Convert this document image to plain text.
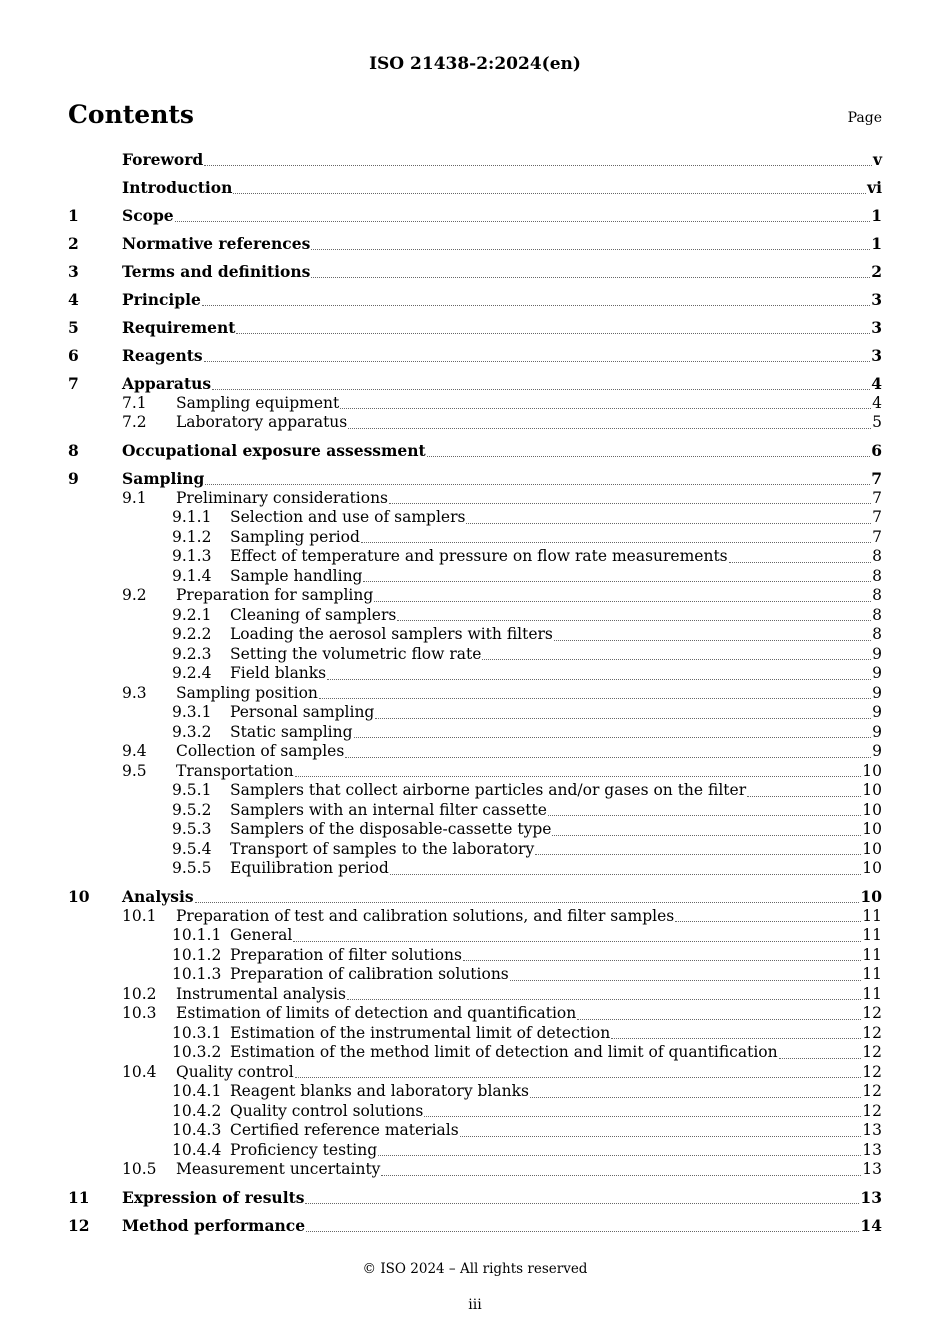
ISO 21438-2:2024(en)
Contents	Page
Foreword	v
Introduction	vi
1	Scope	1
2	Normative references	1
3	Terms and definitions	2
4	Principle	3
5	Requirement	3
6	Reagents	3
7	Apparatus	4
7.1	Sampling equipment	4
7.2	Laboratory apparatus	5
8	Occupational exposure assessment	6
9	Sampling	7
9.1	Preliminary considerations	7
9.1.1	Selection and use of samplers	7
9.1.2	Sampling period	7
9.1.3	Effect of temperature and pressure on flow rate measurements	8
9.1.4	Sample handling	8
9.2	Preparation for sampling	8
9.2.1	Cleaning of samplers	8
9.2.2	Loading the aerosol samplers with filters	8
9.2.3	Setting the volumetric flow rate	9
9.2.4	Field blanks	9
9.3	Sampling position	9
9.3.1	Personal sampling	9
9.3.2	Static sampling	9
9.4	Collection of samples	9
9.5	Transportation	10
9.5.1	Samplers that collect airborne particles and/or gases on the filter	10
9.5.2	Samplers with an internal filter cassette	10
9.5.3	Samplers of the disposable-cassette type	10
9.5.4	Transport of samples to the laboratory	10
9.5.5	Equilibration period	10
10	Analysis	10
10.1	Preparation of test and calibration solutions, and filter samples	11
10.1.1 General	11
10.1.2 Preparation of filter solutions	11
10.1.3 Preparation of calibration solutions	11
10.2	Instrumental analysis	11
10.3	Estimation of limits of detection and quantification	12
10.3.1 Estimation of the instrumental limit of detection	12
10.3.2 Estimation of the method limit of detection and limit of quantification	12
10.4	Quality control	12
10.4.1 Reagent blanks and laboratory blanks	12
10.4.2 Quality control solutions	12
10.4.3 Certified reference materials	13
10.4.4 Proficiency testing	13
10.5	Measurement uncertainty	13
11	Expression of results	13
12	Method performance	14
© ISO 2024 – All rights reserved
iii
